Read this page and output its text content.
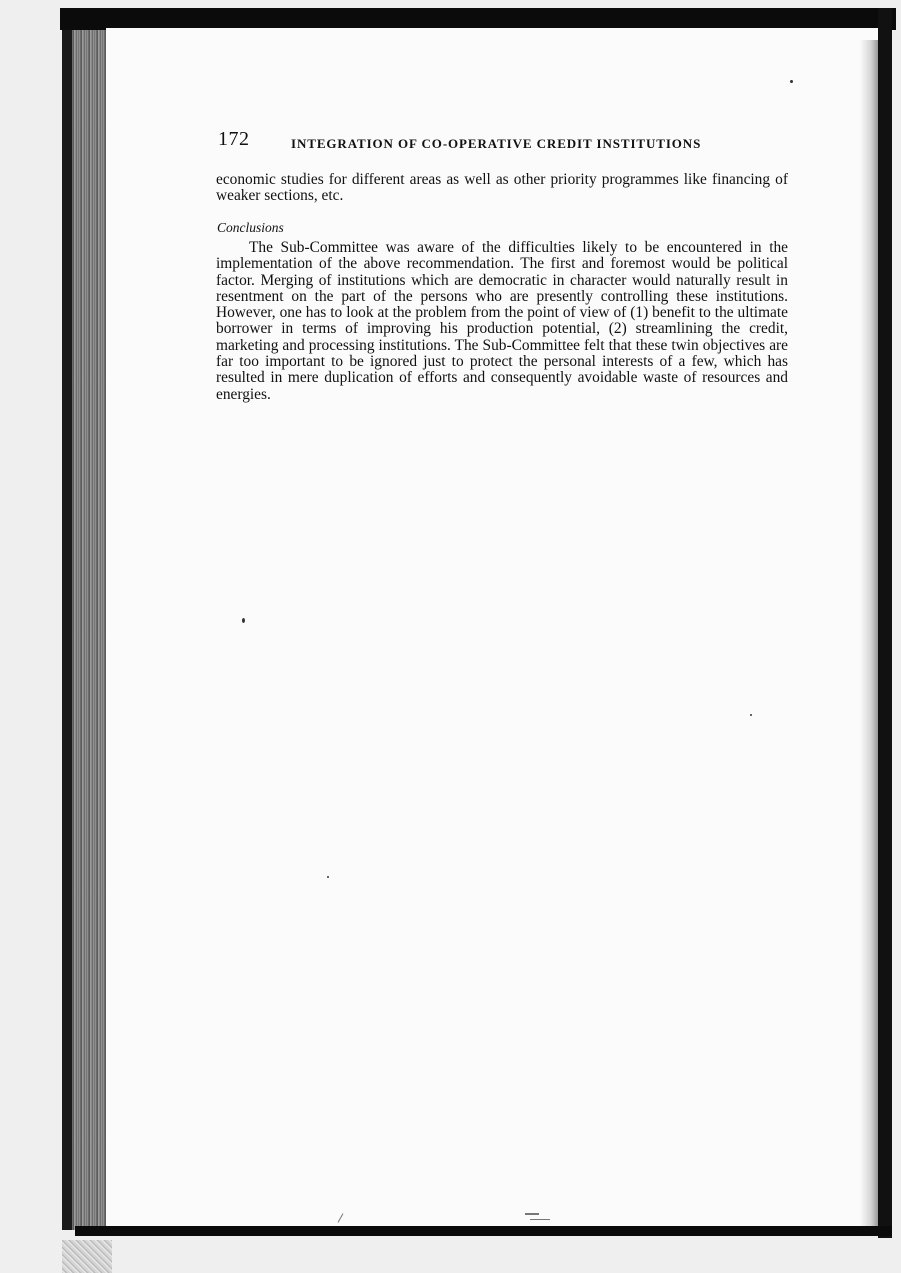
172	INTEGRATION OF CO-OPERATIVE CREDIT INSTITUTIONS
economic studies for different areas as well as other priority programmes like financing of weaker sections, etc.
Conclusions
The Sub-Committee was aware of the difficulties likely to be encountered in the implementation of the above recommendation. The first and foremost would be political factor. Merging of institutions which are democratic in character would naturally result in resentment on the part of the persons who are presently controlling these institutions. However, one has to look at the problem from the point of view of (1) benefit to the ultimate borrower in terms of improving his production potential, (2) streamlining the credit, marketing and processing institutions. The Sub-Committee felt that these twin objectives are far too important to be ignored just to protect the personal interests of a few, which has resulted in mere duplication of efforts and consequently avoidable waste of resources and energies.
